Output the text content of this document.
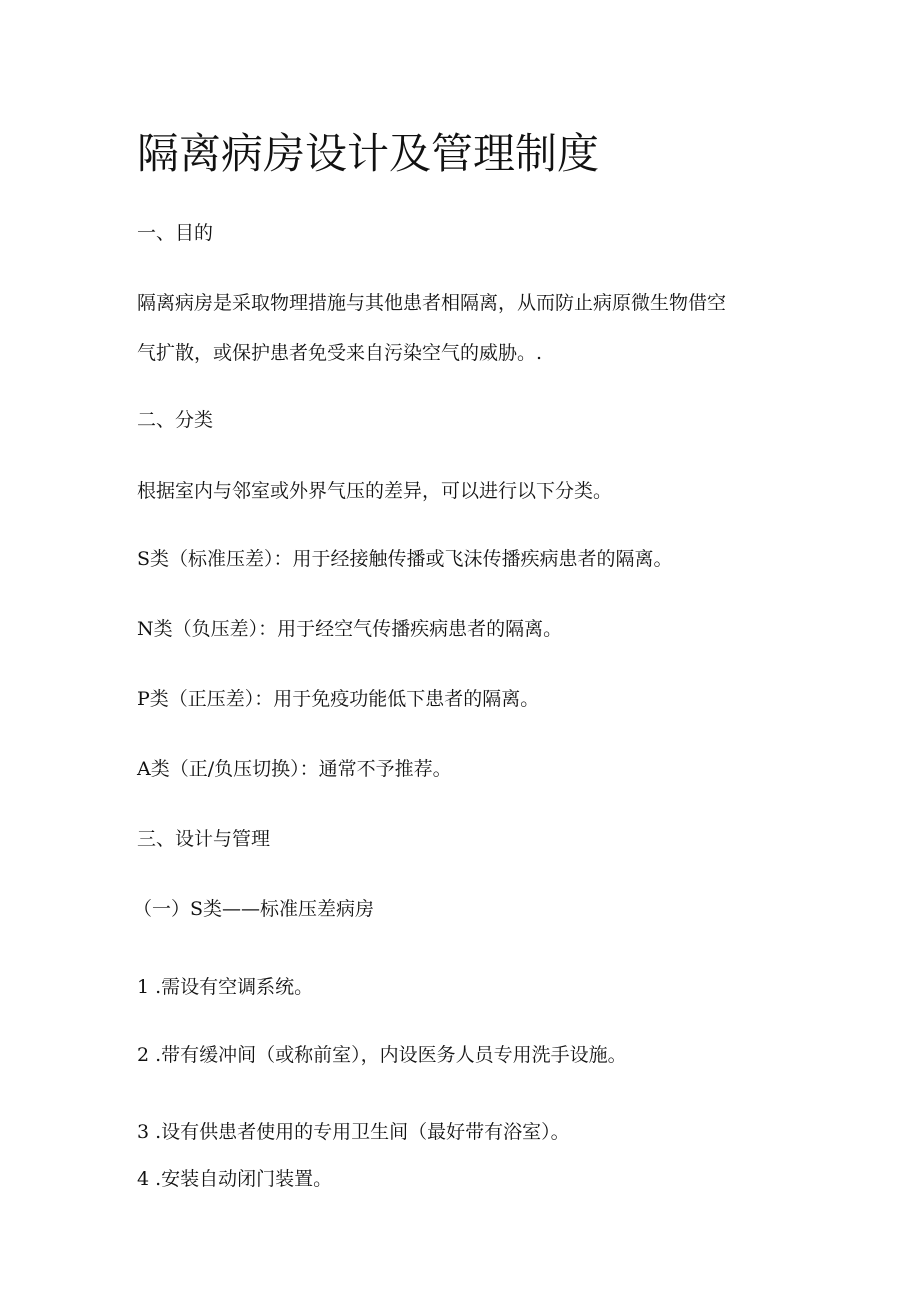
隔离病房设计及管理制度
一、目的
隔离病房是采取物理措施与其他患者相隔离，从而防止病原微生物借空
气扩散，或保护患者免受来自污染空气的威胁。.
二、分类
根据室内与邻室或外界气压的差异，可以进行以下分类。
S类（标准压差）：用于经接触传播或飞沫传播疾病患者的隔离。
N类（负压差）：用于经空气传播疾病患者的隔离。
P类（正压差）：用于免疫功能低下患者的隔离。
A类（正/负压切换）：通常不予推荐。
三、设计与管理
（一）S类——标准压差病房
1 .需设有空调系统。
2 .带有缓冲间（或称前室），内设医务人员专用洗手设施。
3 .设有供患者使用的专用卫生间（最好带有浴室）。
4 .安装自动闭门装置。
